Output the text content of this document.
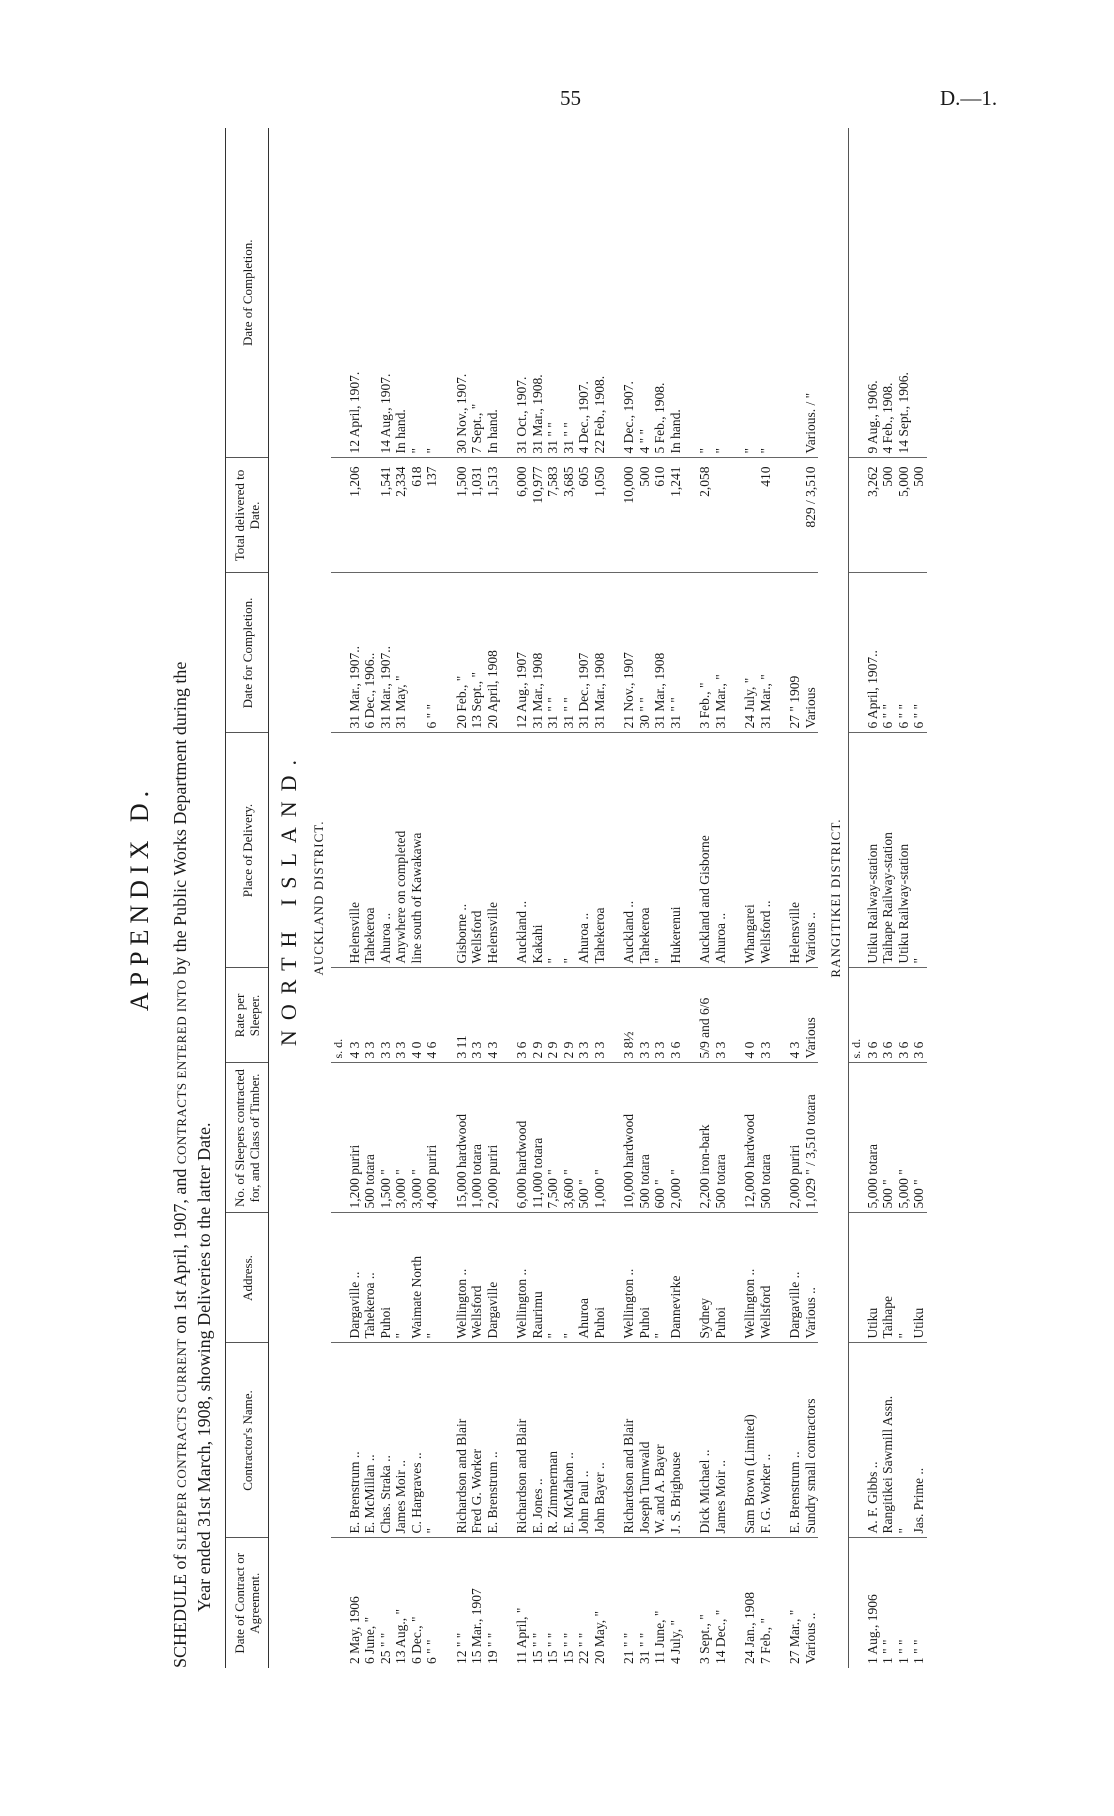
55	D.—1.
APPENDIX D.
SCHEDULE of SLEEPER CONTRACTS CURRENT on 1st April, 1907, and CONTRACTS ENTERED INTO by the Public Works Department during the
Year ended 31st March, 1908, showing Deliveries to the latter Date. Date of Contract or Agreement.	Contractor's Name.	Address.	No. of Sleepers contracted for, and Class of Timber.	Rate per Sleeper.	Place of Delivery.	Date for Completion.	Total delivered to Date.	Date of Completion.
NORTH ISLAND.								
AUCKLAND DISTRICT.								
				s. d.				
2 May, 1906	E. Brenstrum ..	Dargaville ..	1,200 puriri	4 3	Helensville	31 Mar., 1907..	1,206	12 April, 1907.
6 June, "	E. McMillan ..	Tahekeroa ..	500 totara	3 3	Tahekeroa	6 Dec., 1906..		
25 " "	Chas. Straka ..	Puhoi	1,500 "	3 3	Ahuroa ..	31 Mar., 1907..	1,541	14 Aug., 1907.
13 Aug., "	James Moir ..	"	3,000 "	3 3	Anywhere on completed	31 May, "	2,334	In hand.
6 Dec., "	C. Hargraves ..	Waimate North	3,000 "	4 0	line south of Kawakawa		618	"
6 " "	"	"	4,000 puriri	4 6		6 " "	137	"

12 " "	Richardson and Blair	Wellington ..	15,000 hardwood	3 11	Gisborne ..	20 Feb., "	1,500	30 Nov., 1907.
15 Mar., 1907	Fred G. Worker	Wellsford	1,000 totara	3 3	Wellsford	13 Sept., "	1,031	7 Sept., "
19 " "	E. Brenstrum ..	Dargaville	2,000 puriri	4 3	Helensville	20 April, 1908	1,513	In hand.

11 April, "	Richardson and Blair	Wellington ..	6,000 hardwood	3 6	Auckland ..	12 Aug., 1907	6,000	31 Oct., 1907.
15 " "	E. Jones ..	Raurimu	11,000 totara	2 9	Kakahi	31 Mar., 1908	10,977	31 Mar., 1908.
15 " "	R. Zimmerman	"	7,500 "	2 9	"	31 " "	7,583	31 " "
15 " "	E. McMahon ..	"	3,600 "	2 9	"	31 " "	3,685	31 " "
22 " "	John Paul ..	Ahuroa	500 "	3 3	Ahuroa ..	31 Dec., 1907	605	4 Dec., 1907.
20 May, "	John Bayer ..	Puhoi	1,000 "	3 3	Tahekeroa	31 Mar., 1908	1,050	22 Feb., 1908.

21 " "	Richardson and Blair	Wellington ..	10,000 hardwood	3 8½	Auckland ..	21 Nov., 1907	10,000	4 Dec., 1907.
31 " "	Joseph Turnwald	Puhoi	500 totara	3 3	Tahekeroa	30 " "	500	4 " "
11 June, "	W. and A. Bayer	"	600 "	3 3	"	31 Mar., 1908	610	5 Feb., 1908.
4 July, "	J. S. Brighouse	Dannevirke	2,000 "	3 6	Hukerenui	31 " "	1,241	In hand.

3 Sept., "	Dick Michael ..	Sydney	2,200 iron-bark	5/9 and 6/6	Auckland and Gisborne	3 Feb., "	2,058	"
14 Dec., "	James Moir ..	Puhoi	500 totara	3 3	Ahuroa ..	31 Mar., "		"

24 Jan., 1908	Sam Brown (Limited)	Wellington ..	12,000 hardwood	4 0	Whangarei	24 July, "		"
7 Feb., "	F. G. Worker ..	Wellsford	500 totara	3 3	Wellsford ..	31 Mar., "	410	"

27 Mar., "	E. Brenstrum ..	Dargaville ..	2,000 puriri	4 3	Helensville	27 " 1909		
Various ..	Sundry small contractors	Various ..	1,029 " / 3,510 totara	Various	Various ..	Various	829 / 3,510	Various. / "
RANGITIKEI DISTRICT.								
				s. d.				
1 Aug., 1906	A. F. Gibbs ..	Utiku	5,000 totara	3 6	Utiku Railway-station	6 April, 1907..	3,262	9 Aug., 1906.
1 " "	Rangitikei Sawmill Assn.	Taihape	500 "	3 6	Taihape Railway-station	6 " "	500	4 Feb., 1908.
1 " "	"	"	5,000 "	3 6	Utiku Railway-station	6 " "	5,000	14 Sept., 1906.
1 " "	Jas. Prime ..	Utiku	500 "	3 6	"	6 " "	500	
